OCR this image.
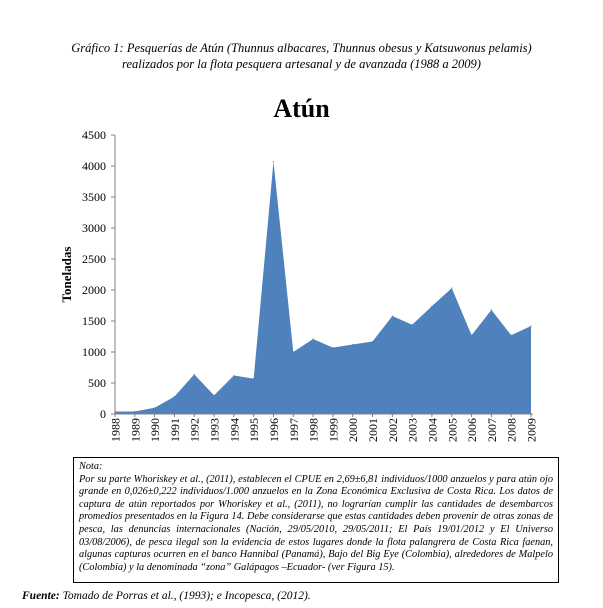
Gráfico 1: Pesquerías de Atún (Thunnus albacares, Thunnus obesus y Katsuwonus pelamis)
realizados por la flota pesquera artesanal y de avanzada (1988 a 2009)
Atún
0
500
1000
1500
2000
2500
3000
3500
4000
4500
1988 1989 1990 1991 1992 1993 1994 1995 1996 1997 1998 1999 2000 2001 2002 2003 2004 2005 2006 2007 2008 2009
Toneladas
Nota:
Por su parte Whoriskey et al., (2011), establecen el CPUE en 2,69±6,81 individuos/1000 anzuelos y para atún ojo grande en 0,026±0,222 individuos/1.000 anzuelos en la Zona Económica Exclusiva de Costa Rica. Los datos de captura de atún reportados por Whoriskey et al., (2011), no lograrían cumplir las cantidades de desembarcos promedios presentados en la Figura 14. Debe considerarse que estas cantidades deben provenir de otras zonas de pesca, las denuncias internacionales (Nación, 29/05/2010, 29/05/2011; El País 19/01/2012 y El Universo 03/08/2006), de pesca ilegal son la evidencia de estos lugares donde la flota palangrera de Costa Rica faenan, algunas capturas ocurren en el banco Hannibal (Panamá), Bajo del Big Eye (Colombia), alrededores de Malpelo (Colombia) y la denominada “zona” Galápagos –Ecuador- (ver Figura 15).
Fuente: Tomado de Porras et al., (1993); e Incopesca, (2012).
